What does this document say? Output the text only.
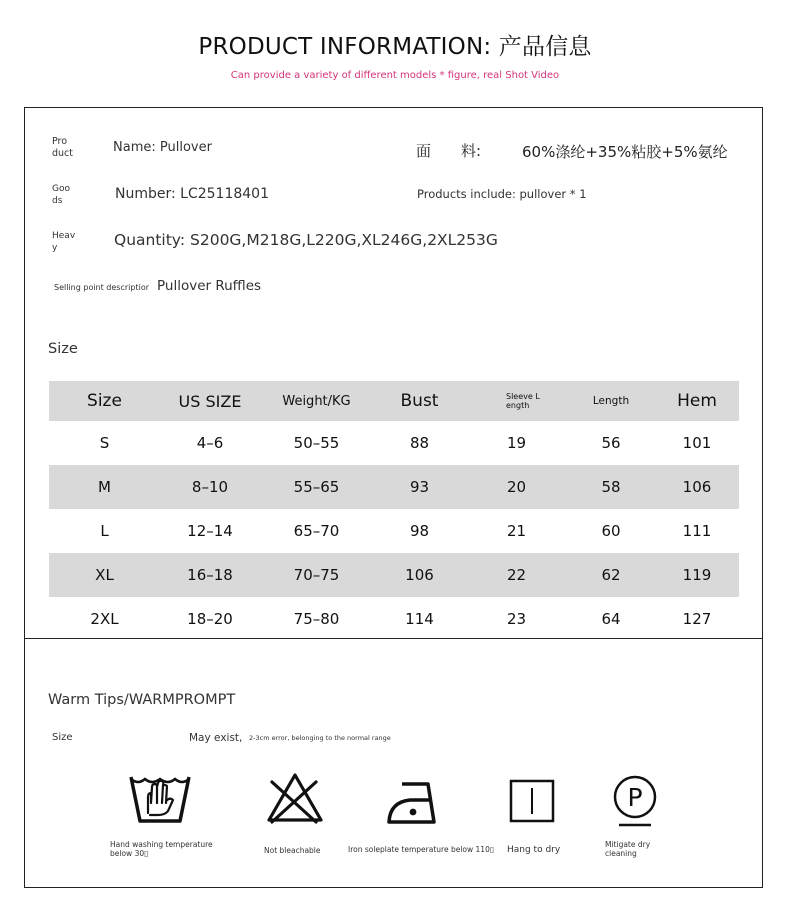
PRODUCT INFORMATION: 产品信息
Can provide a variety of different models * figure, real Shot Video
Pro duct	Name: Pullover	面　　料:	60%涤纶+35%粘胶+5%氨纶
Goo ds	Number: LC25118401	Products include: pullover * 1
Heav y	Quantity: S200G,M218G,L220G,XL246G,2XL253G
Selling point descriptior Pullover Ruffles
Size
Size	US SIZE	Weight/KG	Bust	Sleeve L ength	Length	Hem
S	4–6	50–55	88	19	56	101
M	8–10	55–65	93	20	58	106
L	12–14	65–70	98	21	60	111
XL	16–18	70–75	106	22	62	119
2XL	18–20	75–80	114	23	64	127
Warm Tips/WARMPROMPT
Size	May exist, 2-3cm error, belonging to the normal range
Hand washing temperature below 30▯	Not bleachable	Iron soleplate temperature below 110▯ Hang to dry
P
Mitigate dry cleaning
